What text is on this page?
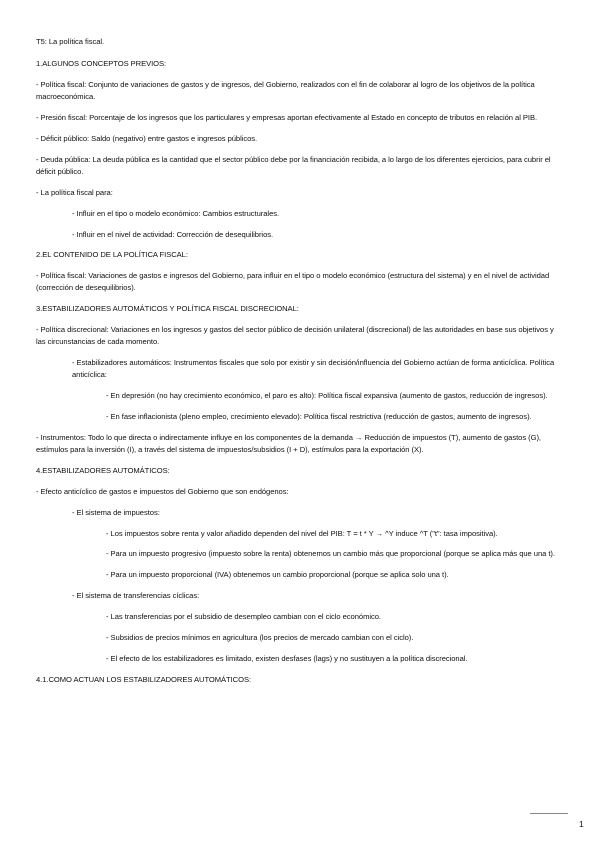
T5: La política fiscal.

1.ALGUNOS CONCEPTOS PREVIOS:

- Política fiscal: Conjunto de variaciones de gastos y de ingresos, del Gobierno, realizados con el fin de colaborar al logro de los objetivos de la política macroeconómica.

- Presión fiscal: Porcentaje de los ingresos que los particulares y empresas aportan efectivamente al Estado en concepto de tributos en relación al PIB.

- Déficit público: Saldo (negativo) entre gastos e ingresos públicos.

- Deuda pública: La deuda pública es la cantidad que el sector público debe por la financiación recibida, a lo largo de los diferentes ejercicios, para cubrir el déficit público.

- La política fiscal para:

- Influir en el tipo o modelo económico: Cambios estructurales.

- Influir en el nivel de actividad: Corrección de desequilibrios.

2.EL CONTENIDO DE LA POLÍTICA FISCAL:

- Política fiscal: Variaciones de gastos e ingresos del Gobierno, para influir en el tipo o modelo económico (estructura del sistema) y en el nivel de actividad (corrección de desequilibrios).

3.ESTABILIZADORES AUTOMÁTICOS Y POLÍTICA FISCAL DISCRECIONAL:

- Política discrecional: Variaciones en los ingresos y gastos del sector público de decisión unilateral (discrecional) de las autoridades en base sus objetivos y las circunstancias de cada momento.

- Estabilizadores automáticos: Instrumentos fiscales que solo por existir y sin decisión/influencia del Gobierno actúan de forma anticíclica. Política anticíclica:

- En depresión (no hay crecimiento económico, el paro es alto): Política fiscal expansiva (aumento de gastos, reducción de ingresos).

- En fase inflacionista (pleno empleo, crecimiento elevado): Política fiscal restrictiva (reducción de gastos, aumento de ingresos).

- Instrumentos: Todo lo que directa o indirectamente influye en los componentes de la demanda → Reducción de impuestos (T), aumento de gastos (G), estímulos para la inversión (I), a través del sistema de impuestos/subsidios (I + D), estímulos para la exportación (X).

4.ESTABILIZADORES AUTOMÁTICOS:

- Efecto anticíclico de gastos e impuestos del Gobierno que son endógenos:

- El sistema de impuestos:

- Los impuestos sobre renta y valor añadido dependen del nivel del PIB: T = t * Y → ^Y induce ^T ("t": tasa impositiva).

- Para un impuesto progresivo (impuesto sobre la renta) obtenemos un cambio más que proporcional (porque se aplica más que una t).

- Para un impuesto proporcional (IVA) obtenemos un cambio proporcional (porque se aplica solo una t).

- El sistema de transferencias cíclicas:

- Las transferencias por el subsidio de desempleo cambian con el ciclo económico.

- Subsidios de precios mínimos en agricultura (los precios de mercado cambian con el ciclo).

- El efecto de los estabilizadores es limitado, existen desfases (lags) y no sustituyen a la política discrecional.

4.1.COMO ACTUAN LOS ESTABILIZADORES AUTOMÁTICOS:

1
